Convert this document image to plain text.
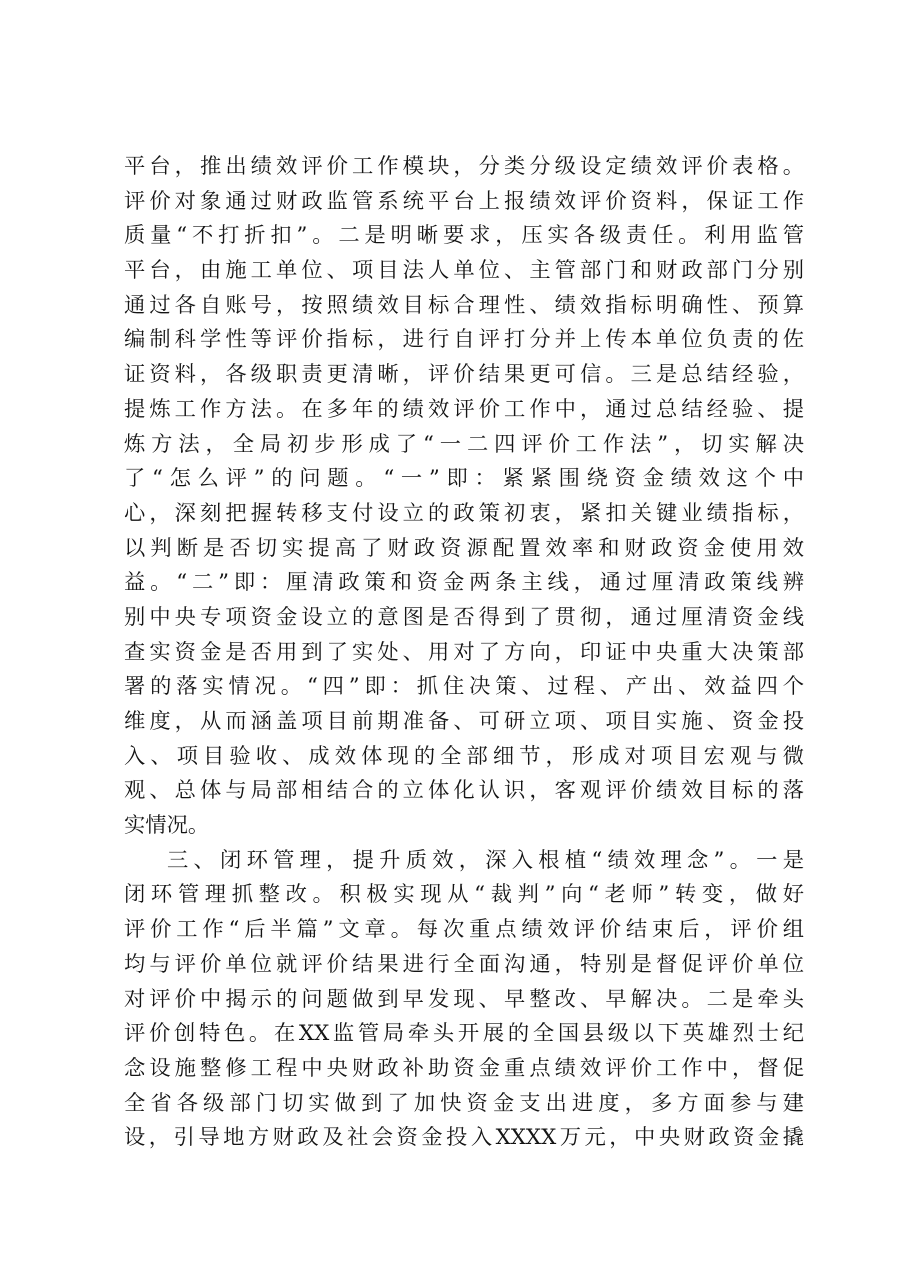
平台，推出绩效评价工作模块，分类分级设定绩效评价表格。
评价对象通过财政监管系统平台上报绩效评价资料，保证工作
质量“不打折扣”。二是明晰要求，压实各级责任。利用监管
平台，由施工单位、项目法人单位、主管部门和财政部门分别
通过各自账号，按照绩效目标合理性、绩效指标明确性、预算
编制科学性等评价指标，进行自评打分并上传本单位负责的佐
证资料，各级职责更清晰，评价结果更可信。三是总结经验，
提炼工作方法。在多年的绩效评价工作中，通过总结经验、提
炼方法，全局初步形成了“一二四评价工作法”，切实解决
了“怎么评”的问题。“一”即：紧紧围绕资金绩效这个中
心，深刻把握转移支付设立的政策初衷，紧扣关键业绩指标，
以判断是否切实提高了财政资源配置效率和财政资金使用效
益。“二”即：厘清政策和资金两条主线，通过厘清政策线辨
别中央专项资金设立的意图是否得到了贯彻，通过厘清资金线
查实资金是否用到了实处、用对了方向，印证中央重大决策部
署的落实情况。“四”即：抓住决策、过程、产出、效益四个
维度，从而涵盖项目前期准备、可研立项、项目实施、资金投
入、项目验收、成效体现的全部细节，形成对项目宏观与微
观、总体与局部相结合的立体化认识，客观评价绩效目标的落
实情况。
三、闭环管理，提升质效，深入根植“绩效理念”。一是
闭环管理抓整改。积极实现从“裁判”向“老师”转变，做好
评价工作“后半篇”文章。每次重点绩效评价结束后，评价组
均与评价单位就评价结果进行全面沟通，特别是督促评价单位
对评价中揭示的问题做到早发现、早整改、早解决。二是牵头
评价创特色。在XX监管局牵头开展的全国县级以下英雄烈士纪
念设施整修工程中央财政补助资金重点绩效评价工作中，督促
全省各级部门切实做到了加快资金支出进度，多方面参与建
设，引导地方财政及社会资金投入XXXX万元，中央财政资金撬
